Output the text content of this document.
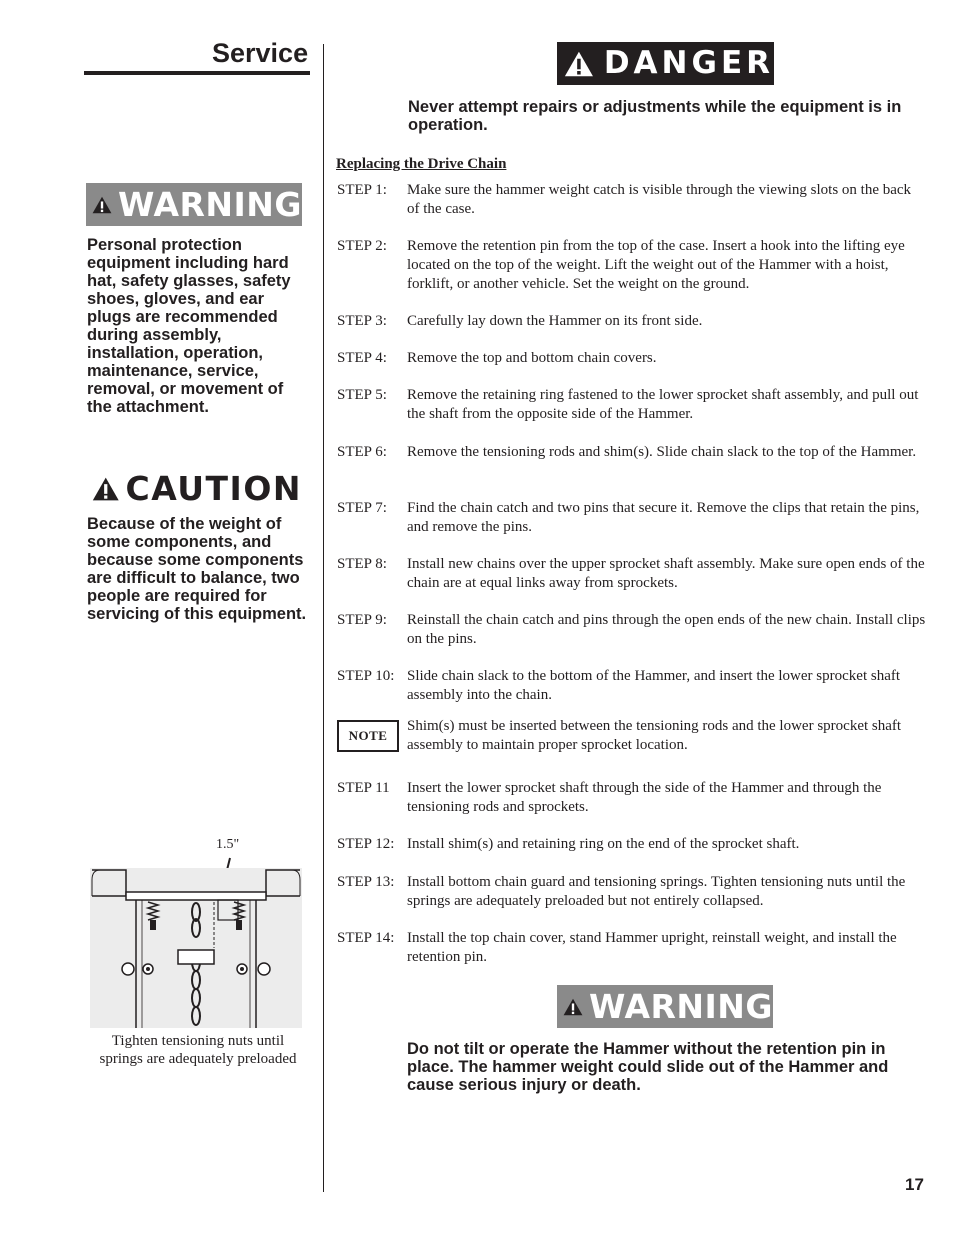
Service
WARNING
Personal protection equipment including hard hat, safety glasses, safety shoes, gloves, and ear plugs are recommended during assembly, installation, operation, maintenance, service, removal, or movement of the attachment.
CAUTION
Because of the weight of some components, and because some components are difficult to balance, two people are required for servicing of this equipment.
1.5"
Tighten tensioning nuts until
springs are adequately preloaded
DANGER
Never attempt repairs or adjustments while the equipment is in operation.
Replacing the Drive Chain
STEP 1: Make sure the hammer weight catch is visible through the viewing slots on the back of the case.
STEP 2: Remove the retention pin from the top of the case. Insert a hook into the lifting eye located on the top of the weight. Lift the weight out of the Hammer with a hoist, forklift, or another vehicle. Set the weight on the ground.
STEP 3: Carefully lay down the Hammer on its front side.
STEP 4: Remove the top and bottom chain covers.
STEP 5: Remove the retaining ring fastened to the lower sprocket shaft assembly, and pull out the shaft from the opposite side of the Hammer.
STEP 6: Remove the tensioning rods and shim(s). Slide chain slack to the top of the Hammer.
STEP 7: Find the chain catch and two pins that secure it. Remove the clips that retain the pins, and remove the pins.
STEP 8: Install new chains over the upper sprocket shaft assembly. Make sure open ends of the chain are at equal links away from sprockets.
STEP 9: Reinstall the chain catch and pins through the open ends of the new chain. Install clips on the pins.
STEP 10: Slide chain slack to the bottom of the Hammer, and insert the lower sprocket shaft assembly into the chain.
NOTE
Shim(s) must be inserted between the tensioning rods and the lower sprocket shaft assembly to maintain proper sprocket location.
STEP 11 Insert the lower sprocket shaft through the side of the Hammer and through the tensioning rods and sprockets.
STEP 12: Install shim(s) and retaining ring on the end of the sprocket shaft.
STEP 13: Install bottom chain guard and tensioning springs. Tighten tensioning nuts until the springs are adequately preloaded but not entirely collapsed.
STEP 14: Install the top chain cover, stand Hammer upright, reinstall weight, and install the retention pin.
WARNING
Do not tilt or operate the Hammer without the retention pin in place. The hammer weight could slide out of the Hammer and cause serious injury or death.
17
